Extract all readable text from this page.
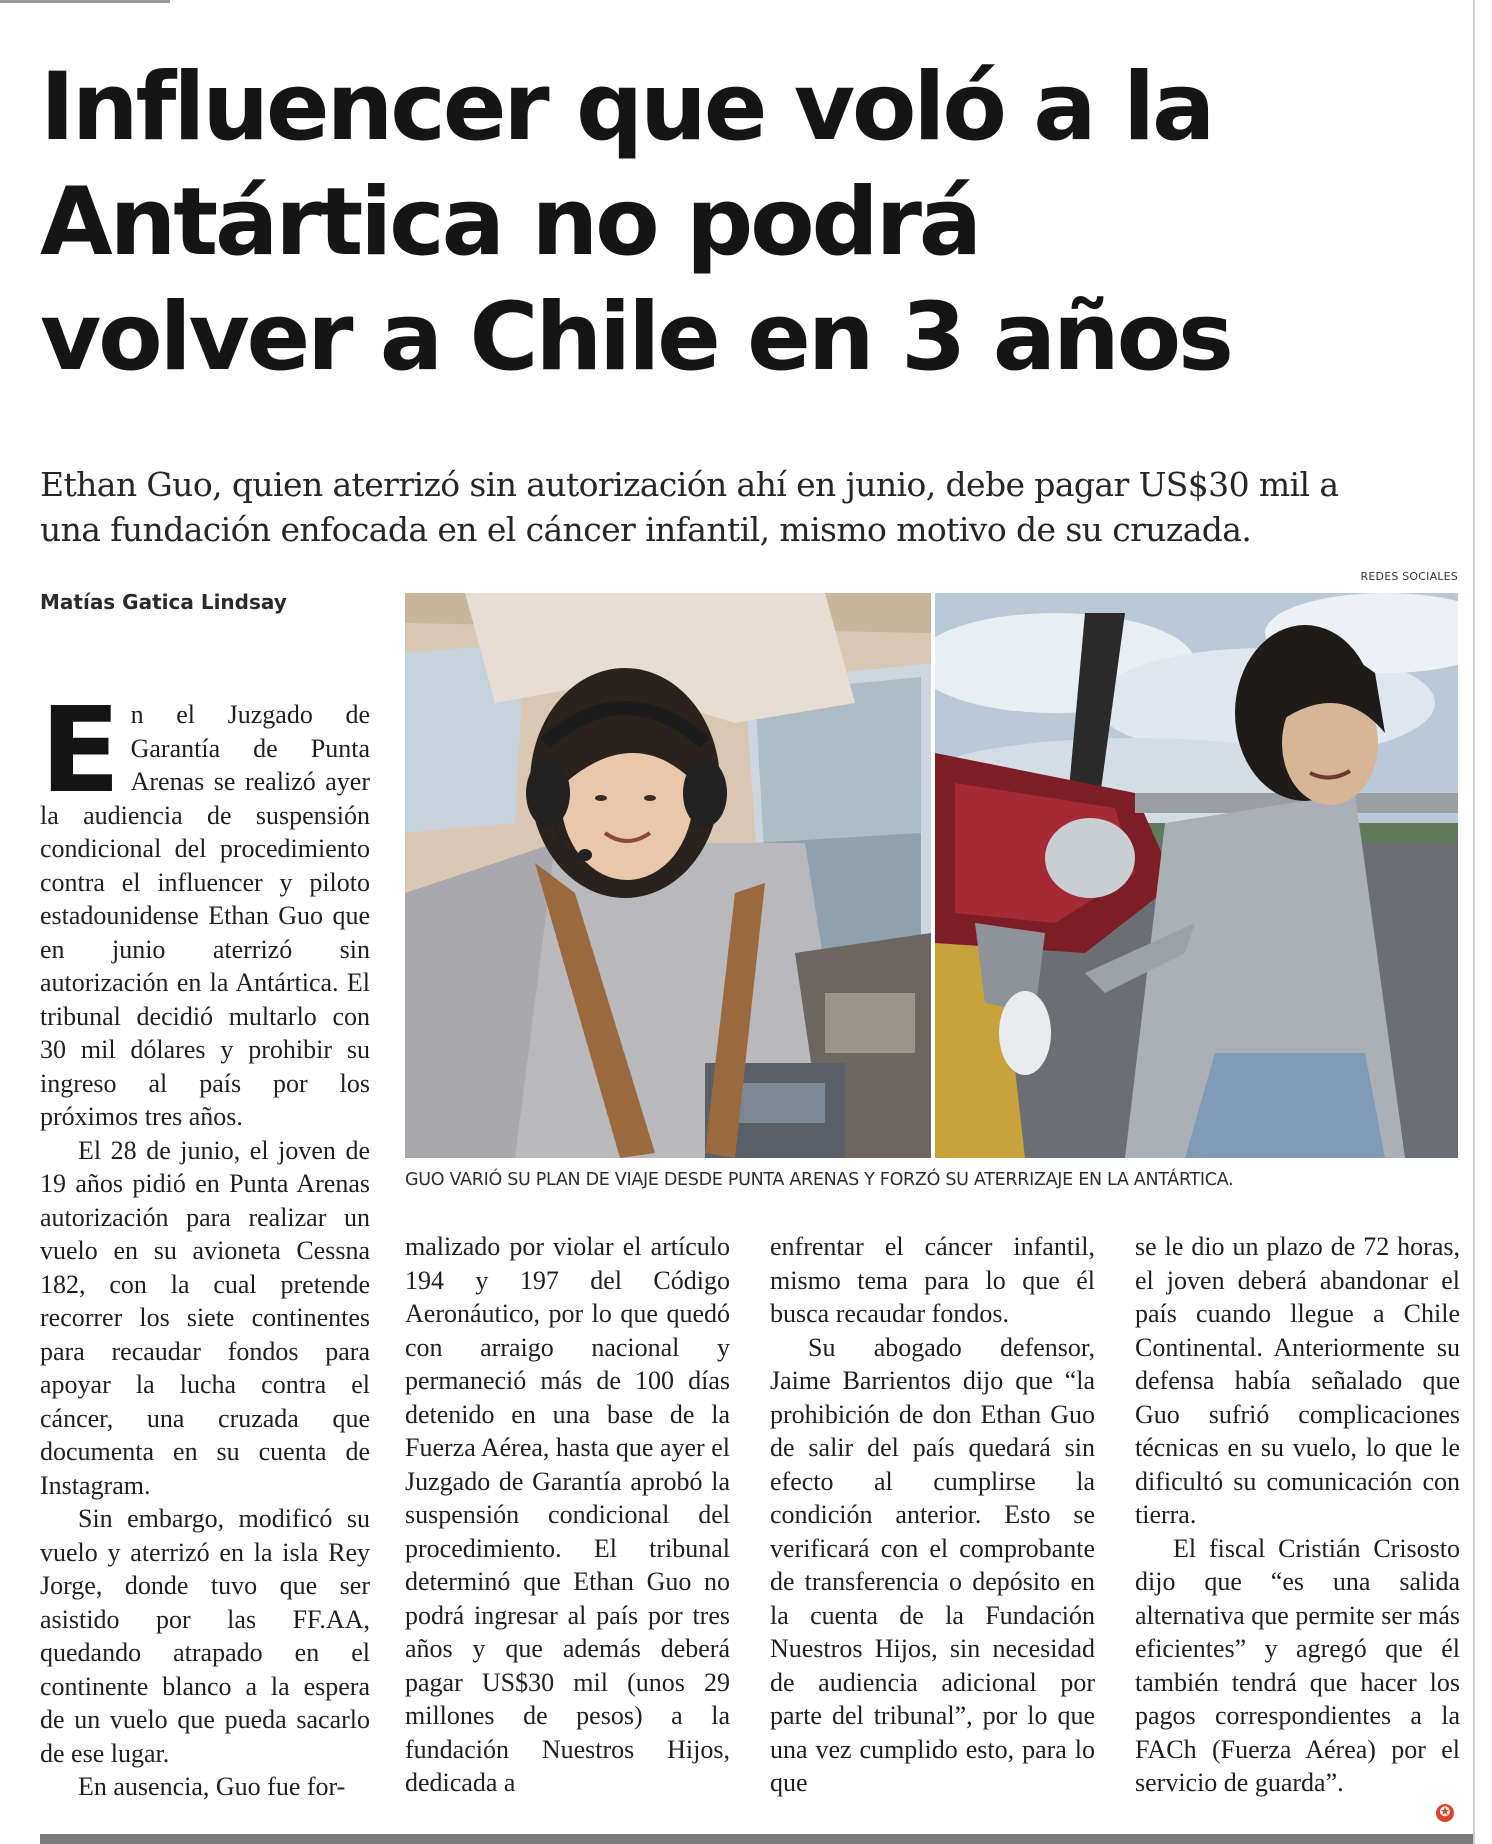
Influencer que voló a la
Antártica no podrá
volver a Chile en 3 años

Ethan Guo, quien aterrizó sin autorización ahí en junio, debe pagar US$30 mil a
una fundación enfocada en el cáncer infantil, mismo motivo de su cruzada.

Matías Gatica Lindsay
REDES SOCIALES
GUO VARIÓ SU PLAN DE VIAJE DESDE PUNTA ARENAS Y FORZÓ SU ATERRIZAJE EN LA ANTÁRTICA.

En el Juzgado de Garantía de Punta Arenas se realizó ayer la audiencia de suspensión condicional del procedimiento contra el influencer y piloto estadounidense Ethan Guo que en junio aterrizó sin autorización en la Antártica. El tribunal decidió multarlo con 30 mil dólares y prohibir su ingreso al país por los próximos tres años.

El 28 de junio, el joven de 19 años pidió en Punta Arenas autorización para realizar un vuelo en su avioneta Cessna 182, con la cual pretende recorrer los siete continentes para recaudar fondos para apoyar la lucha contra el cáncer, una cruzada que documenta en su cuenta de Instagram.

Sin embargo, modificó su vuelo y aterrizó en la isla Rey Jorge, donde tuvo que ser asistido por las FF.AA, quedando atrapado en el continente blanco a la espera de un vuelo que pueda sacarlo de ese lugar.

En ausencia, Guo fue for-

malizado por violar el artículo 194 y 197 del Código Aeronáutico, por lo que quedó con arraigo nacional y permaneció más de 100 días detenido en una base de la Fuerza Aérea, hasta que ayer el Juzgado de Garantía aprobó la suspensión condicional del procedimiento. El tribunal determinó que Ethan Guo no podrá ingresar al país por tres años y que además deberá pagar US$30 mil (unos 29 millones de pesos) a la fundación Nuestros Hijos, dedicada a

enfrentar el cáncer infantil, mismo tema para lo que él busca recaudar fondos.

Su abogado defensor, Jaime Barrientos dijo que “la prohibición de don Ethan Guo de salir del país quedará sin efecto al cumplirse la condición anterior. Esto se verificará con el comprobante de transferencia o depósito en la cuenta de la Fundación Nuestros Hijos, sin necesidad de audiencia adicional por parte del tribunal”, por lo que una vez cumplido esto, para lo que

se le dio un plazo de 72 horas, el joven deberá abandonar el país cuando llegue a Chile Continental. Anteriormente su defensa había señalado que Guo sufrió complicaciones técnicas en su vuelo, lo que le dificultó su comunicación con tierra.

El fiscal Cristián Crisosto dijo que “es una salida alternativa que permite ser más eficientes” y agregó que él también tendrá que hacer los pagos correspondientes a la FACh (Fuerza Aérea) por el servicio de guarda”.

✪
